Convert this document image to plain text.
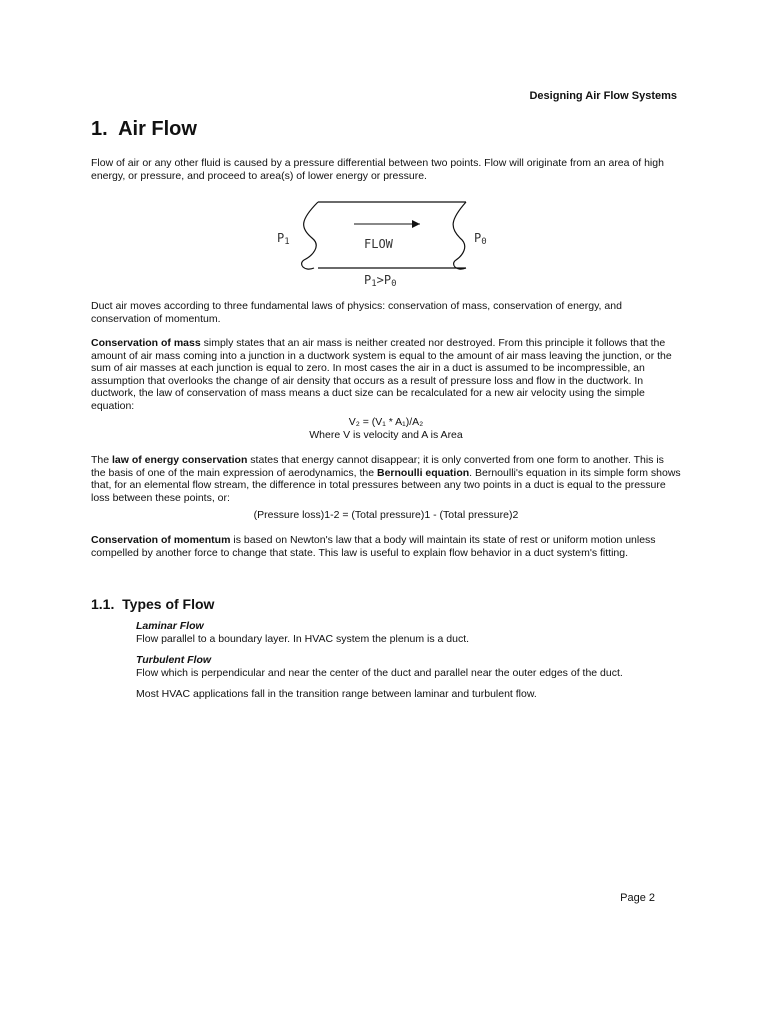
Designing Air Flow Systems
1. Air Flow

Flow of air or any other fluid is caused by a pressure differential between two points. Flow will originate from an area of high energy, or pressure, and proceed to area(s) of lower energy or pressure.

FLOW
P1	P0
P1>P0

Duct air moves according to three fundamental laws of physics: conservation of mass, conservation of energy, and conservation of momentum.

Conservation of mass simply states that an air mass is neither created nor destroyed. From this principle it follows that the amount of air mass coming into a junction in a ductwork system is equal to the amount of air mass leaving the junction, or the sum of air masses at each junction is equal to zero. In most cases the air in a duct is assumed to be incompressible, an assumption that overlooks the change of air density that occurs as a result of pressure loss and flow in the ductwork. In ductwork, the law of conservation of mass means a duct size can be recalculated for a new air velocity using the simple equation:

V₂ = (V₁ * A₁)/A₂

Where V is velocity and A is Area

The law of energy conservation states that energy cannot disappear; it is only converted from one form to another. This is the basis of one of the main expression of aerodynamics, the Bernoulli equation. Bernoulli's equation in its simple form shows that, for an elemental flow stream, the difference in total pressures between any two points in a duct is equal to the pressure loss between these points, or:

(Pressure loss)1-2 = (Total pressure)1 - (Total pressure)2

Conservation of momentum is based on Newton's law that a body will maintain its state of rest or uniform motion unless compelled by another force to change that state. This law is useful to explain flow behavior in a duct system's fitting.

1.1. Types of Flow

Laminar Flow
Flow parallel to a boundary layer. In HVAC system the plenum is a duct.

Turbulent Flow
Flow which is perpendicular and near the center of the duct and parallel near the outer edges of the duct.

Most HVAC applications fall in the transition range between laminar and turbulent flow.

Page 2
